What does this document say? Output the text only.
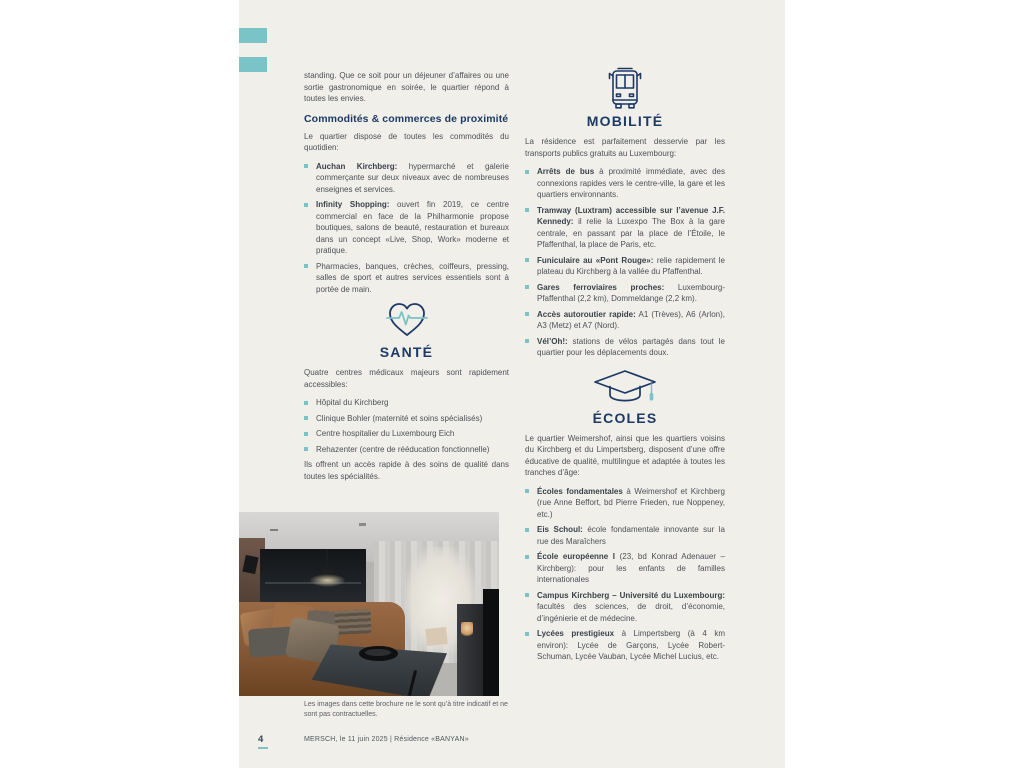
standing. Que ce soit pour un déjeuner d’affaires ou une sortie gastronomique en soirée, le quartier répond à toutes les envies.

Commodités & commerces de proximité

Le quartier dispose de toutes les commodités du quotidien:

Auchan Kirchberg: hypermarché et galerie commerçante sur deux niveaux avec de nombreuses enseignes et services.
Infinity Shopping: ouvert fin 2019, ce centre commercial en face de la Philharmonie propose boutiques, salons de beauté, restauration et bureaux dans un concept «Live, Shop, Work» moderne et pratique.
Pharmacies, banques, crèches, coiffeurs, pressing, salles de sport et autres services essentiels sont à portée de main.
SANTÉ

Quatre centres médicaux majeurs sont rapidement accessibles:

Hôpital du Kirchberg
Clinique Bohler (maternité et soins spécialisés)
Centre hospitalier du Luxembourg Eich
Rehazenter (centre de rééducation fonctionnelle)

Ils offrent un accès rapide à des soins de qualité dans toutes les spécialités.

MOBILITÉ

La résidence est parfaitement desservie par les transports publics gratuits au Luxembourg:

Arrêts de bus à proximité immédiate, avec des connexions rapides vers le centre-ville, la gare et les quartiers environnants.
Tramway (Luxtram) accessible sur l’avenue J.F. Kennedy: il relie la Luxexpo The Box à la gare centrale, en passant par la place de l’Étoile, le Pfaffenthal, la place de Paris, etc.
Funiculaire au «Pont Rouge»: relie rapidement le plateau du Kirchberg à la vallée du Pfaffenthal.
Gares ferroviaires proches: Luxembourg-Pfaffenthal (2,2 km), Dommeldange (2,2 km).
Accès autoroutier rapide: A1 (Trèves), A6 (Arlon), A3 (Metz) et A7 (Nord).
Vél’Oh!: stations de vélos partagés dans tout le quartier pour les déplacements doux.
ÉCOLES

Le quartier Weimershof, ainsi que les quartiers voisins du Kirchberg et du Limpertsberg, disposent d’une offre éducative de qualité, multilingue et adaptée à toutes les tranches d’âge:

Écoles fondamentales à Weimershof et Kirchberg (rue Anne Beffort, bd Pierre Frieden, rue Noppeney, etc.)
Eis Schoul: école fondamentale innovante sur la rue des Maraîchers
École européenne I (23, bd Konrad Adenauer – Kirchberg): pour les enfants de familles internationales
Campus Kirchberg – Université du Luxembourg: facultés des sciences, de droit, d’économie, d’ingénierie et de médecine.
Lycées prestigieux à Limpertsberg (à 4 km environ): Lycée de Garçons, Lycée Robert-Schuman, Lycée Vauban, Lycée Michel Lucius, etc.
Les images dans cette brochure ne le sont qu’à titre indicatif et ne sont pas contractuelles.
4	MERSCH, le 11 juin 2025 | Résidence «BANYAN»
